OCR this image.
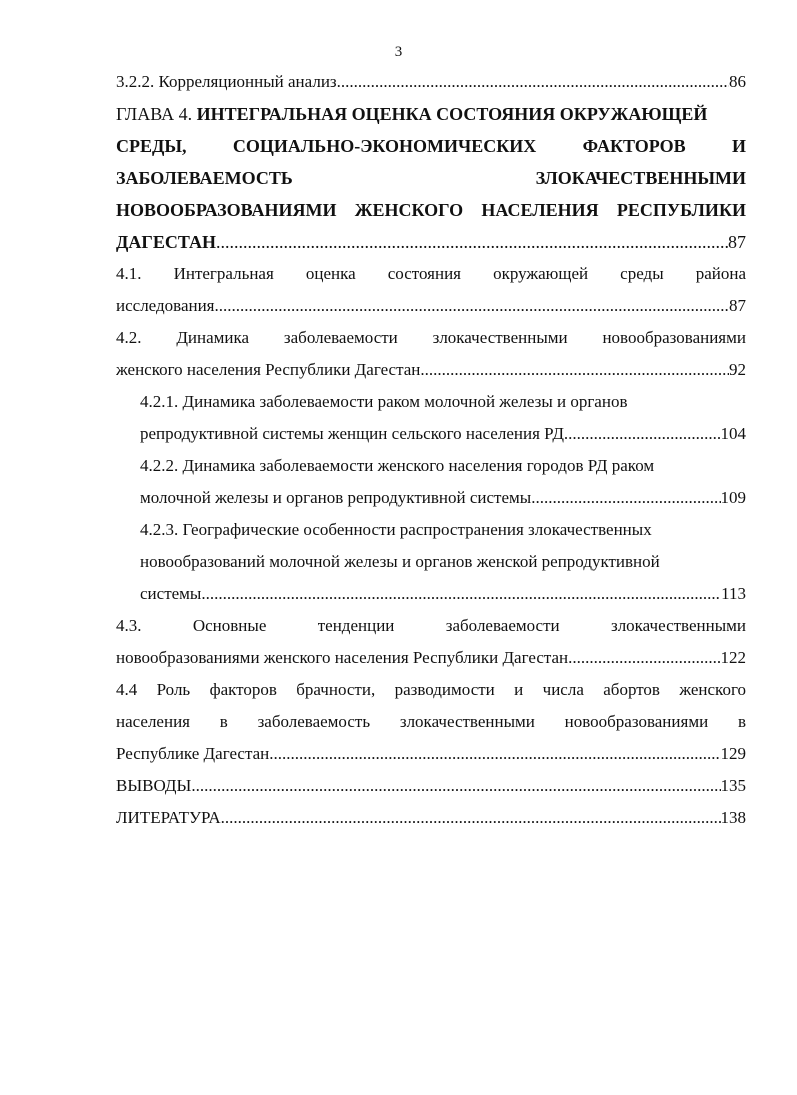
3
3.2.2. Корреляционный анализ .....	86
ГЛАВА 4. ИНТЕГРАЛЬНАЯ ОЦЕНКА СОСТОЯНИЯ ОКРУЖАЮЩЕЙ
СРЕДЫ, СОЦИАЛЬНО-ЭКОНОМИЧЕСКИХ ФАКТОРОВ И
ЗАБОЛЕВАЕМОСТЬ ЗЛОКАЧЕСТВЕННЫМИ
НОВООБРАЗОВАНИЯМИ ЖЕНСКОГО НАСЕЛЕНИЯ РЕСПУБЛИКИ
ДАГЕСТАН .....	87
4.1. Интегральная оценка состояния окружающей среды района
исследования .....	87
4.2. Динамика заболеваемости злокачественными новообразованиями
женского населения Республики Дагестан .....	92
4.2.1. Динамика заболеваемости раком молочной железы и органов
репродуктивной системы женщин сельского населения РД .....	104
4.2.2. Динамика заболеваемости женского населения городов РД раком
молочной железы и органов репродуктивной системы .....	109
4.2.3. Географические особенности распространения злокачественных
новообразований молочной железы и органов женской репродуктивной
системы .....	113
4.3. Основные тенденции заболеваемости злокачественными
новообразованиями женского населения Республики Дагестан .....	122
4.4 Роль факторов брачности, разводимости и числа абортов женского
населения в заболеваемость злокачественными новообразованиями в
Республике Дагестан .....	129
ВЫВОДЫ .....	135
ЛИТЕРАТУРА .....	138
